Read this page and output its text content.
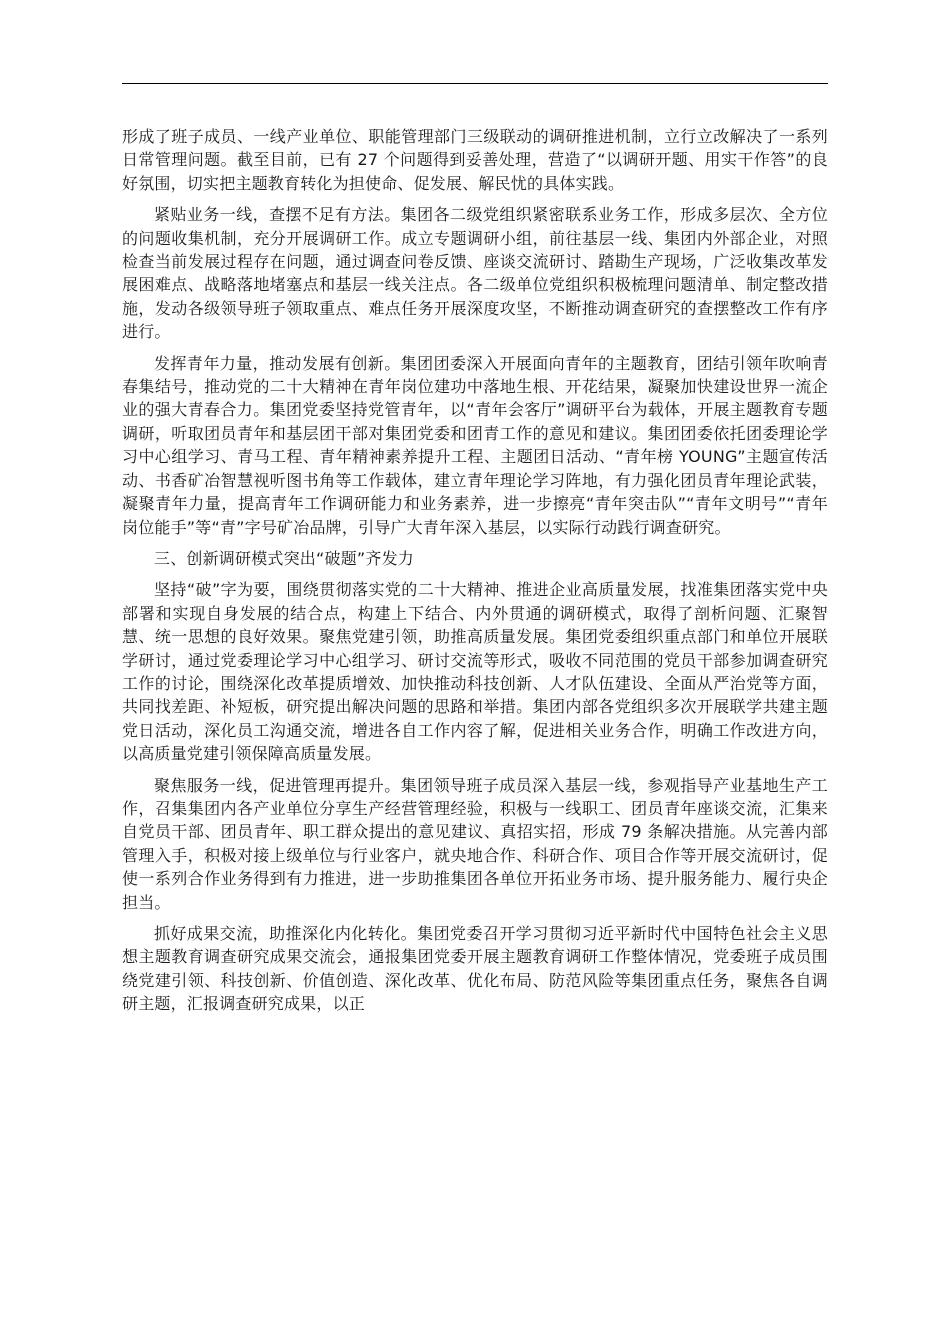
形成了班子成员、一线产业单位、职能管理部门三级联动的调研推进机制，立行立改解决了一系列日常管理问题。截至目前，已有 27 个问题得到妥善处理，营造了“以调研开题、用实干作答”的良好氛围，切实把主题教育转化为担使命、促发展、解民忧的具体实践。

紧贴业务一线，查摆不足有方法。集团各二级党组织紧密联系业务工作，形成多层次、全方位的问题收集机制，充分开展调研工作。成立专题调研小组，前往基层一线、集团内外部企业，对照检查当前发展过程存在问题，通过调查问卷反馈、座谈交流研讨、踏勘生产现场，广泛收集改革发展困难点、战略落地堵塞点和基层一线关注点。各二级单位党组织积极梳理问题清单、制定整改措施，发动各级领导班子领取重点、难点任务开展深度攻坚，不断推动调查研究的查摆整改工作有序进行。

发挥青年力量，推动发展有创新。集团团委深入开展面向青年的主题教育，团结引领年吹响青春集结号，推动党的二十大精神在青年岗位建功中落地生根、开花结果，凝聚加快建设世界一流企业的强大青春合力。集团党委坚持党管青年，以“青年会客厅”调研平台为载体，开展主题教育专题调研，听取团员青年和基层团干部对集团党委和团青工作的意见和建议。集团团委依托团委理论学习中心组学习、青马工程、青年精神素养提升工程、主题团日活动、“青年榜 YOUNG”主题宣传活动、书香矿冶智慧视听图书角等工作载体，建立青年理论学习阵地，有力强化团员青年理论武装，凝聚青年力量，提高青年工作调研能力和业务素养，进一步擦亮“青年突击队”“青年文明号”“青年岗位能手”等“青”字号矿冶品牌，引导广大青年深入基层，以实际行动践行调查研究。

三、创新调研模式突出“破题”齐发力

坚持“破”字为要，围绕贯彻落实党的二十大精神、推进企业高质量发展，找准集团落实党中央部署和实现自身发展的结合点，构建上下结合、内外贯通的调研模式，取得了剖析问题、汇聚智慧、统一思想的良好效果。聚焦党建引领，助推高质量发展。集团党委组织重点部门和单位开展联学研讨，通过党委理论学习中心组学习、研讨交流等形式，吸收不同范围的党员干部参加调查研究工作的讨论，围绕深化改革提质增效、加快推动科技创新、人才队伍建设、全面从严治党等方面，共同找差距、补短板，研究提出解决问题的思路和举措。集团内部各党组织多次开展联学共建主题党日活动，深化员工沟通交流，增进各自工作内容了解，促进相关业务合作，明确工作改进方向，以高质量党建引领保障高质量发展。

聚焦服务一线，促进管理再提升。集团领导班子成员深入基层一线，参观指导产业基地生产工作，召集集团内各产业单位分享生产经营管理经验，积极与一线职工、团员青年座谈交流，汇集来自党员干部、团员青年、职工群众提出的意见建议、真招实招，形成 79 条解决措施。从完善内部管理入手，积极对接上级单位与行业客户，就央地合作、科研合作、项目合作等开展交流研讨，促使一系列合作业务得到有力推进，进一步助推集团各单位开拓业务市场、提升服务能力、履行央企担当。

抓好成果交流，助推深化内化转化。集团党委召开学习贯彻习近平新时代中国特色社会主义思想主题教育调查研究成果交流会，通报集团党委开展主题教育调研工作整体情况，党委班子成员围绕党建引领、科技创新、价值创造、深化改革、优化布局、防范风险等集团重点任务，聚焦各自调研主题，汇报调查研究成果，以正
